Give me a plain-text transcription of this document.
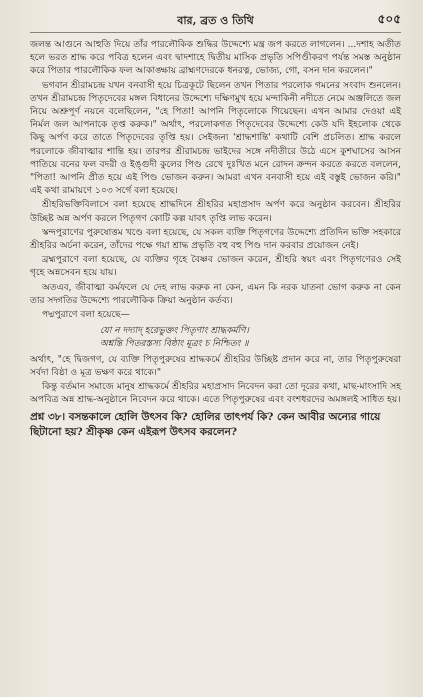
বার, ব্রত ও তিথি	৫০৫

জলন্ত আগুনে আহুতি দিয়ে তাঁর পারলৌকিক শুদ্ধির উদ্দেশ্যে মন্ত্র জপ করতে লাগলেন। ...দশাহ অতীত হলে ভরত শ্রাদ্ধ করে পবিত্র হলেন এবং দ্বাদশাহে দ্বিতীয় মাসিক প্রভৃতি সপিণ্ডীকরণ পর্যন্ত সমস্ত অনুষ্ঠান করে পিতার পারলৌকিক ফল আকাঙ্ক্ষায় ব্রাহ্মণদেরকে ধনরত্ন, ভোজ্য, গো, বসন দান করলেন।"

ভগবান শ্রীরামচন্দ্র যখন বনবাসী হয়ে চিত্রকূটে ছিলেন তখন পিতার পরলোক গমনের সংবাদ শুনলেন। তখন শ্রীরামচন্দ্র পিতৃদেবের মঙ্গল বিধানের উদ্দেশ্যে দক্ষিণমুখ হয়ে মন্দাকিনী নদীতে নেমে অঞ্জলিতে জল নিয়ে অশ্রুপূর্ণ নয়নে বলেছিলেন, "হে পিতা! আপনি পিতৃলোকে গিয়েছেন। এখন আমার দেওয়া এই নির্মল জল আপনাকে তৃপ্ত করুক।" অর্থাৎ, পরলোকগত পিতৃদেবের উদ্দেশ্যে কেউ যদি ইহলোক থেকে কিছু অর্পণ করে তাতে পিতৃদেবের তৃপ্তি হয়। সেইজন্য 'শ্রাদ্ধশান্তি' কথাটি বেশি প্রচলিত। শ্রাদ্ধ করলে পরলোকে জীবাত্মার শান্তি হয়। তারপর শ্রীরামচন্দ্র ভাইদের সঙ্গে নদীতীরে উঠে এসে কুশঘাসের আসন পাতিয়ে বনের ফল বদরী ও ইঙ্গুদী কুলের পিণ্ড রেখে দুঃখিত মনে রোদন ক্রন্দন করতে করতে বললেন, "পিতা! আপনি প্রীত হয়ে এই পিণ্ড ভোজন করুন। আমরা এখন বনবাসী হয়ে এই বস্তুই ভোজন করি।" এই কথা রামায়ণে ১০৩ সর্গে বলা হয়েছে।

শ্রীহরিভক্তিবিলাসে বলা হয়েছে শ্রাদ্ধদিনে শ্রীহরির মহাপ্রসাদ অর্পণ করে অনুষ্ঠান করবেন। শ্রীহরির উচ্ছিষ্ট অন্ন অর্পণ করলে পিতৃগণ কোটি কল্প যাবৎ তৃপ্তি লাভ করেন।

স্কন্দপুরাণের পুরুষোত্তম খণ্ডে বলা হয়েছে, যে সকল ব্যক্তি পিতৃগণের উদ্দেশ্যে প্রতিদিন ভক্তি সহকারে শ্রীহরির অর্চনা করেন, তাঁদের পক্ষে গয়া শ্রাদ্ধ প্রভৃতি বহু বহু পিণ্ড দান করবার প্রয়োজন নেই।

ব্রহ্মপুরাণে বলা হয়েছে, যে ব্যক্তির গৃহে বৈষ্ণব ভোজন করেন, শ্রীহরি স্বয়ং এবং পিতৃগণেরও সেই গৃহে অন্নসেবন হয়ে যায়।

অতএব, জীবাত্মা কর্মফলে যে দেহ লাভ করুক না কেন, এমন কি নরক যাতনা ভোগ করুক না কেন তার সদ্গতির উদ্দেশ্যে পারলৌকিক ক্রিয়া অনুষ্ঠান কর্তব্য।

পদ্মপুরাণে বলা হয়েছে—

যো ন দদ্যাদ্ হরেভুক্তং পিতৃণাং শ্রাদ্ধকর্মণি।
অশ্নন্তি পিতরস্তস্য বিষ্ঠাং মূত্রং চ নিশ্চিতং ॥

অর্থাৎ, "হে দ্বিজগণ, যে ব্যক্তি পিতৃপুরুষের শ্রাদ্ধকর্মে শ্রীহরির উচ্ছিষ্ট প্রদান করে না, তার পিতৃপুরুষেরা সর্বদা বিষ্ঠা ও মূত্র ভক্ষণ করে থাকে।"

কিন্তু বর্তমান সমাজে মানুষ শ্রাদ্ধকর্মে শ্রীহরির মহাপ্রসাদ নিবেদন করা তো দূরের কথা, মাছ-মাংসাদি সহ অপবিত্র অন্ন শ্রাদ্ধ-অনুষ্ঠানে নিবেদন করে থাকে। এতে পিতৃপুরুষের এবং বংশধরদের অমঙ্গলই সাধিত হয়।

প্রশ্ন ৩৮। বসন্তকালে হোলি উৎসব কি? হোলির তাৎপর্য কি? কেন আবীর অন্যের গায়ে ছিটানো হয়? শ্রীকৃষ্ণ কেন এইরূপ উৎসব করলেন?
